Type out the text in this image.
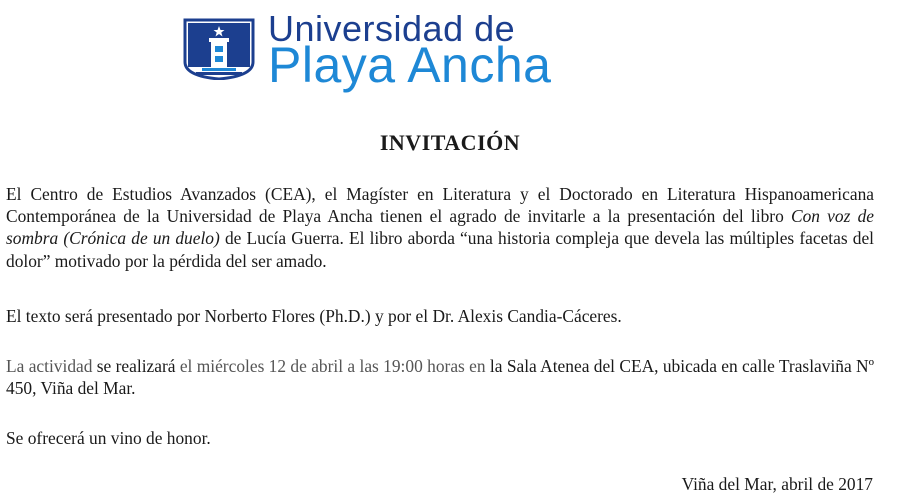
Universidad de
Playa Ancha
INVITACIÓN
El Centro de Estudios Avanzados (CEA), el Magíster en Literatura y el Doctorado en Literatura Hispanoamericana Contemporánea de la Universidad de Playa Ancha tienen el agrado de invitarle a la presentación del libro Con voz de sombra (Crónica de un duelo) de Lucía Guerra. El libro aborda “una historia compleja que devela las múltiples facetas del dolor” motivado por la pérdida del ser amado.
El texto será presentado por Norberto Flores (Ph.D.) y por el Dr. Alexis Candia-Cáceres.
La actividad se realizará el miércoles 12 de abril a las 19:00 horas en la Sala Atenea del CEA, ubicada en calle Traslaviña Nº 450, Viña del Mar.
Se ofrecerá un vino de honor.
Viña del Mar, abril de 2017
